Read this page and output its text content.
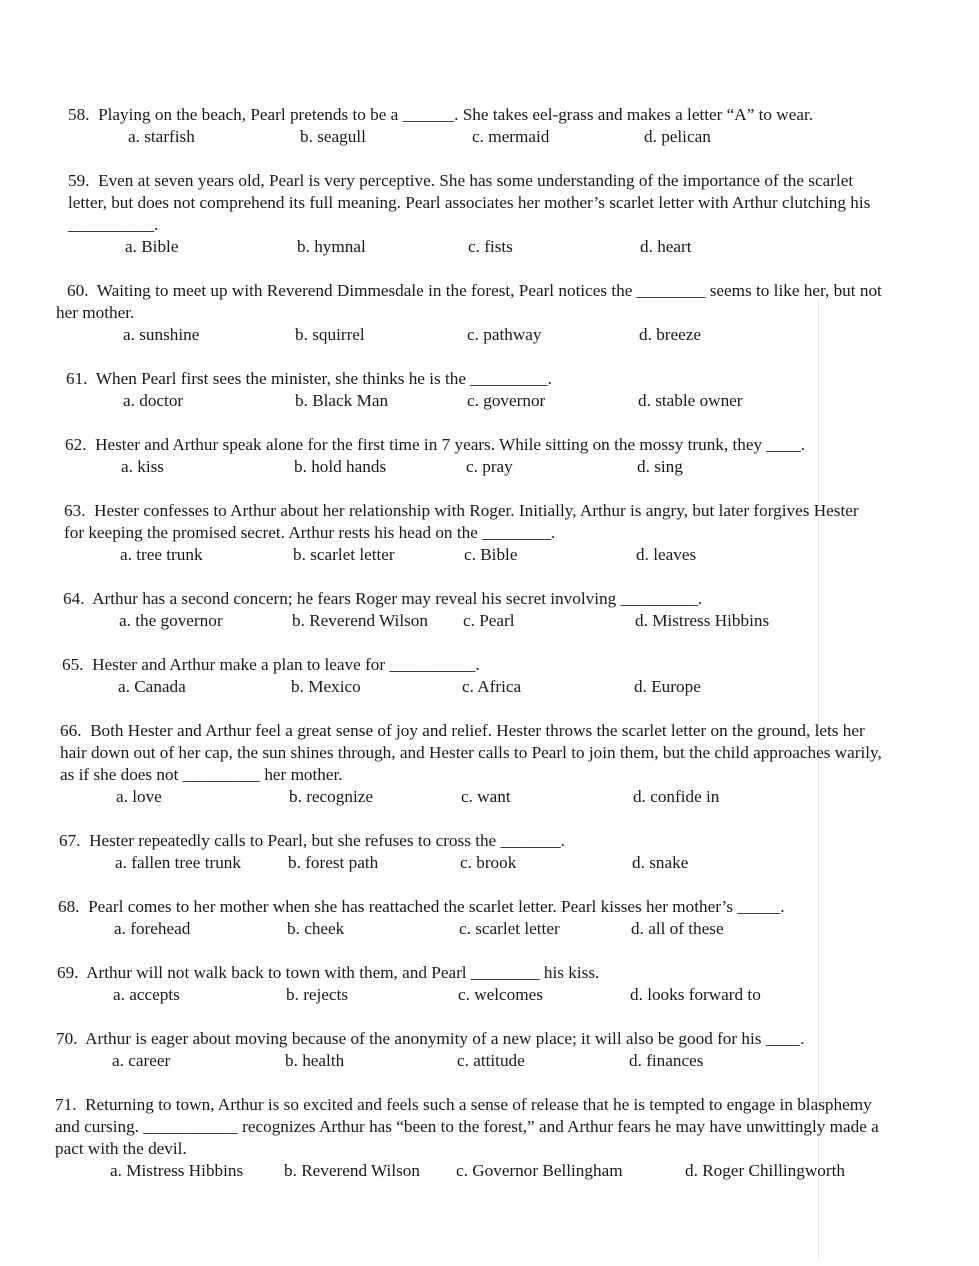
58. Playing on the beach, Pearl pretends to be a ______. She takes eel-grass and makes a letter “A” to wear.
a. starfish	b. seagull	c. mermaid	d. pelican
59. Even at seven years old, Pearl is very perceptive. She has some understanding of the importance of the scarlet letter, but does not comprehend its full meaning. Pearl associates her mother’s scarlet letter with Arthur clutching his __________.
a. Bible	b. hymnal	c. fists	d. heart
60. Waiting to meet up with Reverend Dimmesdale in the forest, Pearl notices the ________ seems to like her, but not her mother.
a. sunshine	b. squirrel	c. pathway	d. breeze
61. When Pearl first sees the minister, she thinks he is the _________.
a. doctor	b. Black Man	c. governor	d. stable owner
62. Hester and Arthur speak alone for the first time in 7 years. While sitting on the mossy trunk, they ____.
a. kiss	b. hold hands	c. pray	d. sing
63. Hester confesses to Arthur about her relationship with Roger. Initially, Arthur is angry, but later forgives Hester for keeping the promised secret. Arthur rests his head on the ________.
a. tree trunk	b. scarlet letter	c. Bible	d. leaves
64. Arthur has a second concern; he fears Roger may reveal his secret involving _________.
a. the governor	b. Reverend Wilson c. Pearl	d. Mistress Hibbins
65. Hester and Arthur make a plan to leave for __________.
a. Canada	b. Mexico	c. Africa	d. Europe
66. Both Hester and Arthur feel a great sense of joy and relief. Hester throws the scarlet letter on the ground, lets her hair down out of her cap, the sun shines through, and Hester calls to Pearl to join them, but the child approaches warily, as if she does not _________ her mother.
a. love	b. recognize	c. want	d. confide in
67. Hester repeatedly calls to Pearl, but she refuses to cross the _______.
a. fallen tree trunk	b. forest path	c. brook	d. snake
68. Pearl comes to her mother when she has reattached the scarlet letter. Pearl kisses her mother’s _____.
a. forehead	b. cheek	c. scarlet letter	d. all of these
69. Arthur will not walk back to town with them, and Pearl ________ his kiss.
a. accepts	b. rejects	c. welcomes	d. looks forward to
70. Arthur is eager about moving because of the anonymity of a new place; it will also be good for his ____.
a. career	b. health	c. attitude	d. finances
71. Returning to town, Arthur is so excited and feels such a sense of release that he is tempted to engage in blasphemy and cursing. ___________ recognizes Arthur has “been to the forest,” and Arthur fears he may have unwittingly made a pact with the devil.
a. Mistress Hibbins b. Reverend Wilson c. Governor Bellingham	d. Roger Chillingworth
